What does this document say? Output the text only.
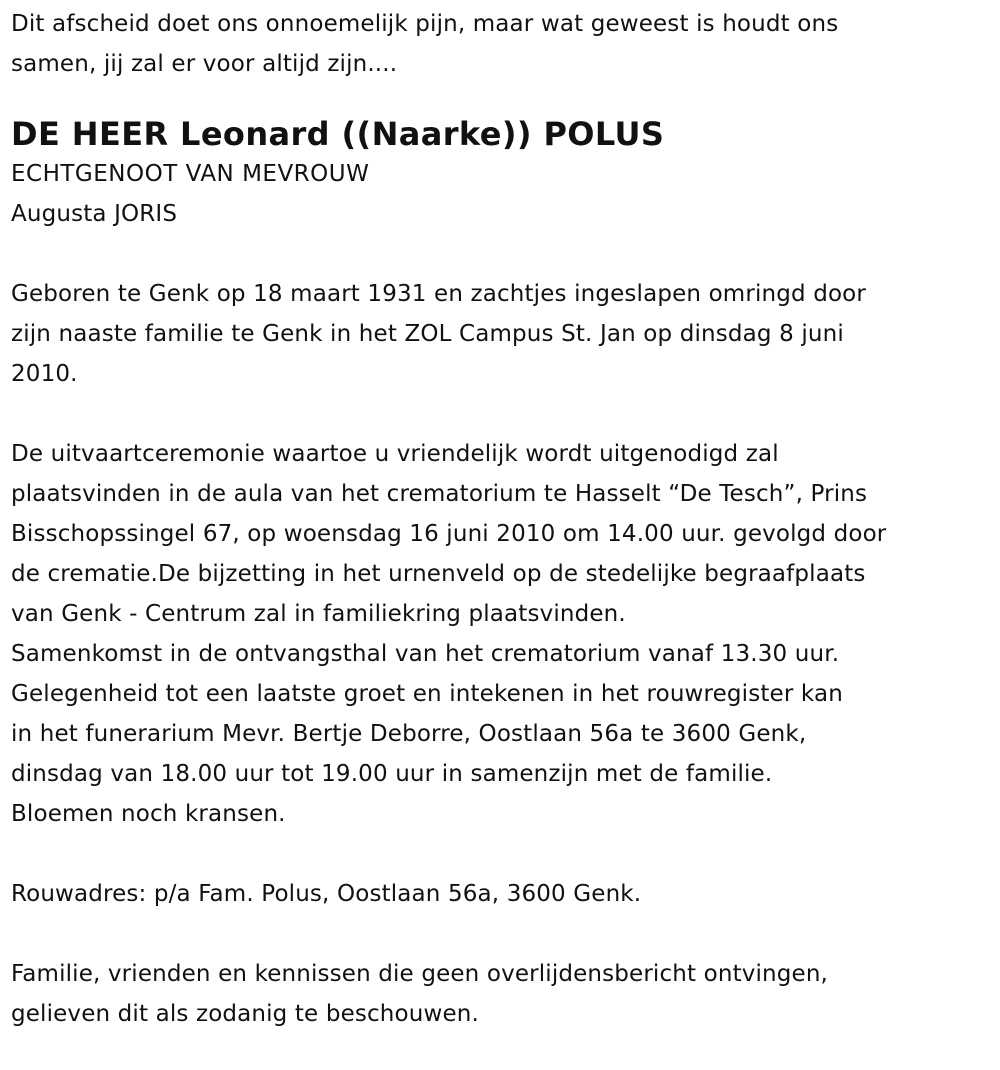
Dit afscheid doet ons onnoemelijk pijn, maar wat geweest is houdt ons
samen, jij zal er voor altijd zijn....
DE HEER Leonard ((Naarke)) POLUS
ECHTGENOOT VAN MEVROUW
Augusta JORIS
Geboren te Genk op 18 maart 1931 en zachtjes ingeslapen omringd door
zijn naaste familie te Genk in het ZOL Campus St. Jan op dinsdag 8 juni
2010.
De uitvaartceremonie waartoe u vriendelijk wordt uitgenodigd zal
plaatsvinden in de aula van het crematorium te Hasselt “De Tesch”, Prins
Bisschopssingel 67, op woensdag 16 juni 2010 om 14.00 uur. gevolgd door
de crematie.De bijzetting in het urnenveld op de stedelijke begraafplaats
van Genk - Centrum zal in familiekring plaatsvinden.
Samenkomst in de ontvangsthal van het crematorium vanaf 13.30 uur.
Gelegenheid tot een laatste groet en intekenen in het rouwregister kan
in het funerarium Mevr. Bertje Deborre, Oostlaan 56a te 3600 Genk,
dinsdag van 18.00 uur tot 19.00 uur in samenzijn met de familie.
Bloemen noch kransen.
Rouwadres: p/a Fam. Polus, Oostlaan 56a, 3600 Genk.
Familie, vrienden en kennissen die geen overlijdensbericht ontvingen,
gelieven dit als zodanig te beschouwen.
